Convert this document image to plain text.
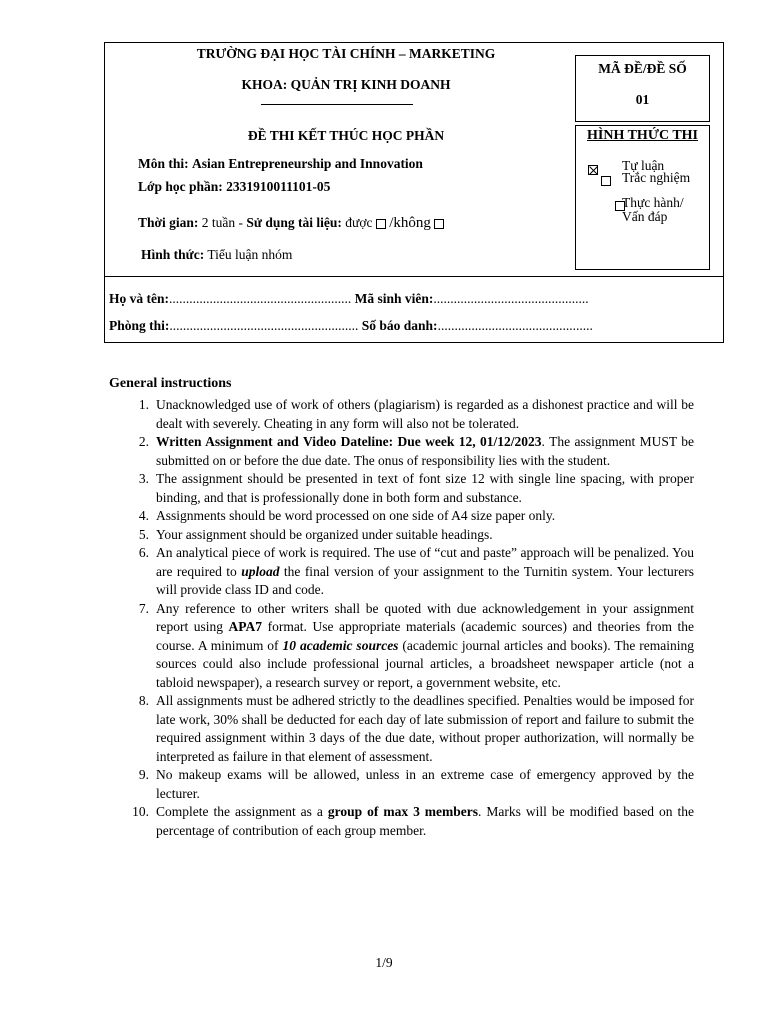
TRƯỜNG ĐẠI HỌC TÀI CHÍNH – MARKETING
KHOA: QUẢN TRỊ KINH DOANH
ĐỀ THI KẾT THÚC HỌC PHẦN
Môn thi: Asian Entrepreneurship and Innovation
Lớp học phần: 2331910011101-05
Thời gian: 2 tuần - Sử dụng tài liệu: được /không
Hình thức: Tiểu luận nhóm
MÃ ĐỀ/ĐỀ SỐ
01
HÌNH THỨC THI

Tự luận

Trắc nghiệm
Thực hành/
Vấn đáp
Họ và tên:...................................................... Mã sinh viên:..............................................
Phòng thi:........................................................ Số báo danh:..............................................
General instructions
1. Unacknowledged use of work of others (plagiarism) is regarded as a dishonest practice and will be dealt with severely. Cheating in any form will also not be tolerated.
2. Written Assignment and Video Dateline: Due week 12, 01/12/2023. The assignment MUST be submitted on or before the due date. The onus of responsibility lies with the student.
3. The assignment should be presented in text of font size 12 with single line spacing, with proper binding, and that is professionally done in both form and substance.
4. Assignments should be word processed on one side of A4 size paper only.
5. Your assignment should be organized under suitable headings.
6. An analytical piece of work is required. The use of “cut and paste” approach will be penalized. You are required to upload the final version of your assignment to the Turnitin system. Your lecturers will provide class ID and code.
7. Any reference to other writers shall be quoted with due acknowledgement in your assignment report using APA7 format. Use appropriate materials (academic sources) and theories from the course. A minimum of 10 academic sources (academic journal articles and books). The remaining sources could also include professional journal articles, a broadsheet newspaper article (not a tabloid newspaper), a research survey or report, a government website, etc.
8. All assignments must be adhered strictly to the deadlines specified. Penalties would be imposed for late work, 30% shall be deducted for each day of late submission of report and failure to submit the required assignment within 3 days of the due date, without proper authorization, will normally be interpreted as failure in that element of assessment.
9. No makeup exams will be allowed, unless in an extreme case of emergency approved by the lecturer.
10. Complete the assignment as a group of max 3 members. Marks will be modified based on the percentage of contribution of each group member.
1/9
